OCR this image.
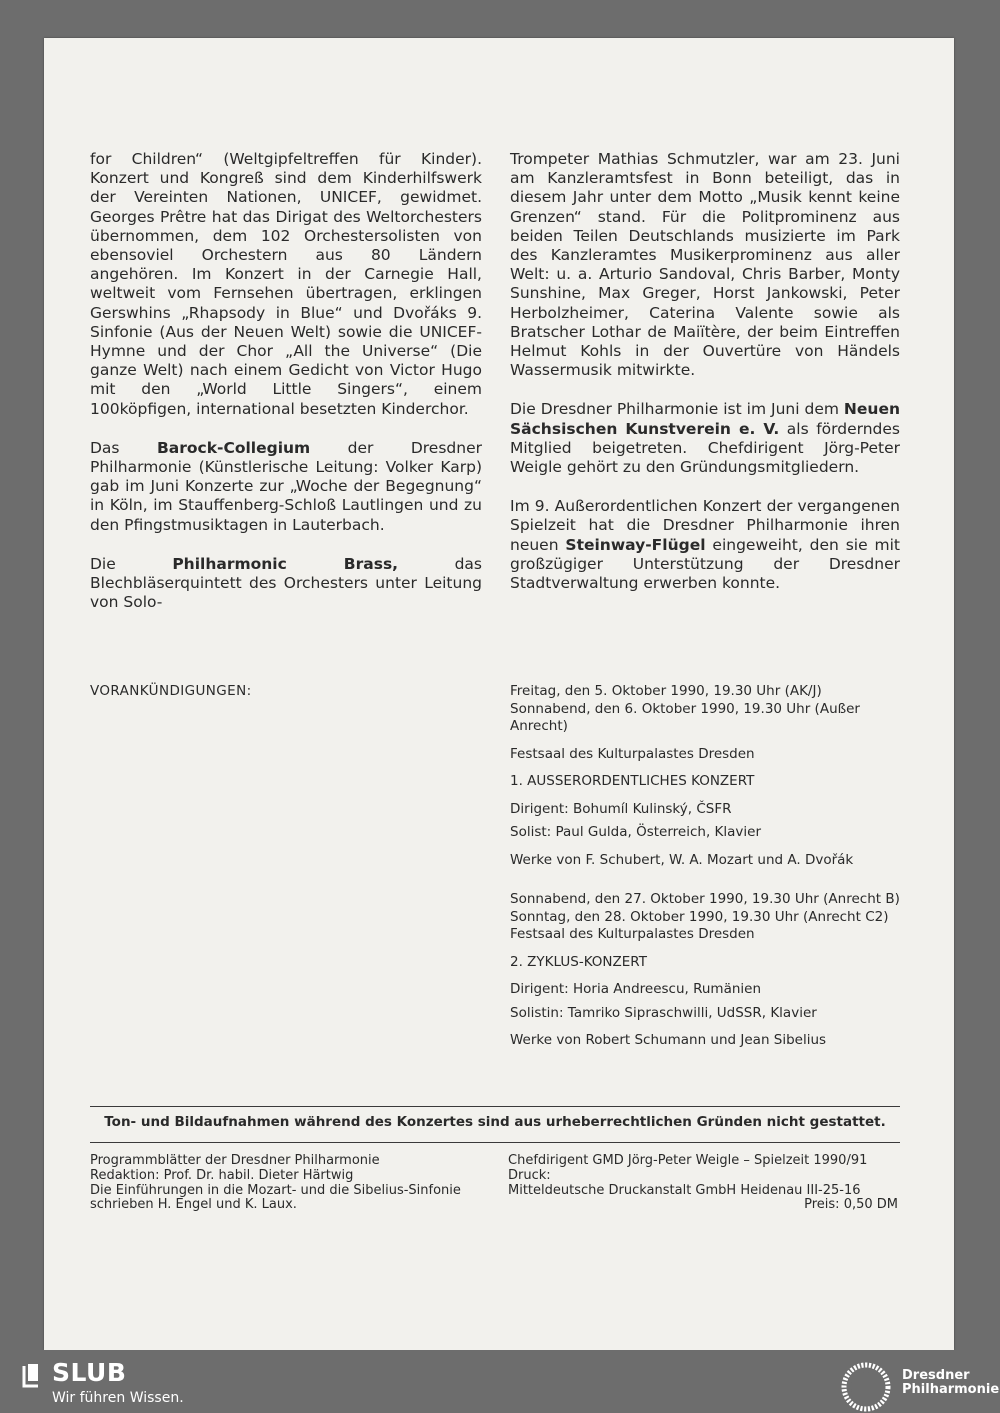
for Children“ (Weltgipfeltreffen für Kinder). Konzert und Kongreß sind dem Kinderhilfswerk der Vereinten Nationen, UNICEF, gewidmet. Georges Prêtre hat das Dirigat des Weltorchesters übernommen, dem 102 Orchestersolisten von ebensoviel Orchestern aus 80 Ländern angehören. Im Konzert in der Carnegie Hall, weltweit vom Fernsehen übertragen, erklingen Gerswhins „Rhapsody in Blue“ und Dvořáks 9. Sinfonie (Aus der Neuen Welt) sowie die UNICEF-Hymne und der Chor „All the Universe“ (Die ganze Welt) nach einem Gedicht von Victor Hugo mit den „World Little Singers“, einem 100köpfigen, international besetzten Kinderchor.

Das Barock-Collegium der Dresdner Philharmonie (Künstlerische Leitung: Volker Karp) gab im Juni Konzerte zur „Woche der Begegnung“ in Köln, im Stauffenberg-Schloß Lautlingen und zu den Pfingstmusiktagen in Lauterbach.

Die Philharmonic Brass, das Blechbläserquintett des Orchesters unter Leitung von Solo-

Trompeter Mathias Schmutzler, war am 23. Juni am Kanzleramtsfest in Bonn beteiligt, das in diesem Jahr unter dem Motto „Musik kennt keine Grenzen“ stand. Für die Politprominenz aus beiden Teilen Deutschlands musizierte im Park des Kanzleramtes Musikerprominenz aus aller Welt: u. a. Arturio Sandoval, Chris Barber, Monty Sunshine, Max Greger, Horst Jankowski, Peter Herbolzheimer, Caterina Valente sowie als Bratscher Lothar de Maiïtère, der beim Eintreffen Helmut Kohls in der Ouvertüre von Händels Wassermusik mitwirkte.

Die Dresdner Philharmonie ist im Juni dem Neuen Sächsischen Kunstverein e. V. als förderndes Mitglied beigetreten. Chefdirigent Jörg-Peter Weigle gehört zu den Gründungsmitgliedern.

Im 9. Außerordentlichen Konzert der vergangenen Spielzeit hat die Dresdner Philharmonie ihren neuen Steinway-Flügel eingeweiht, den sie mit großzügiger Unterstützung der Dresdner Stadtverwaltung erwerben konnte.

VORANKÜNDIGUNGEN:	Freitag, den 5. Oktober 1990, 19.30 Uhr (AK/J)
Sonnabend, den 6. Oktober 1990, 19.30 Uhr (Außer Anrecht)
Festsaal des Kulturpalastes Dresden
1. AUSSERORDENTLICHES KONZERT
Dirigent: Bohumíl Kulinský, ČSFR
Solist: Paul Gulda, Österreich, Klavier
Werke von F. Schubert, W. A. Mozart und A. Dvořák
Sonnabend, den 27. Oktober 1990, 19.30 Uhr (Anrecht B)
Sonntag, den 28. Oktober 1990, 19.30 Uhr (Anrecht C2)
Festsaal des Kulturpalastes Dresden
2. ZYKLUS-KONZERT
Dirigent: Horia Andreescu, Rumänien
Solistin: Tamriko Sipraschwilli, UdSSR, Klavier
Werke von Robert Schumann und Jean Sibelius
Ton- und Bildaufnahmen während des Konzertes sind aus urheberrechtlichen Gründen nicht gestattet.
Programmblätter der Dresdner Philharmonie
Redaktion: Prof. Dr. habil. Dieter Härtwig
Die Einführungen in die Mozart- und die Sibelius-Sinfonie schrieben H. Engel und K. Laux.
Chefdirigent GMD Jörg-Peter Weigle – Spielzeit 1990/91
Druck:
Mitteldeutsche Druckanstalt GmbH Heidenau III-25-16
Preis: 0,50 DM
SLUB
Wir führen Wissen.
Dresdner
Philharmonie
